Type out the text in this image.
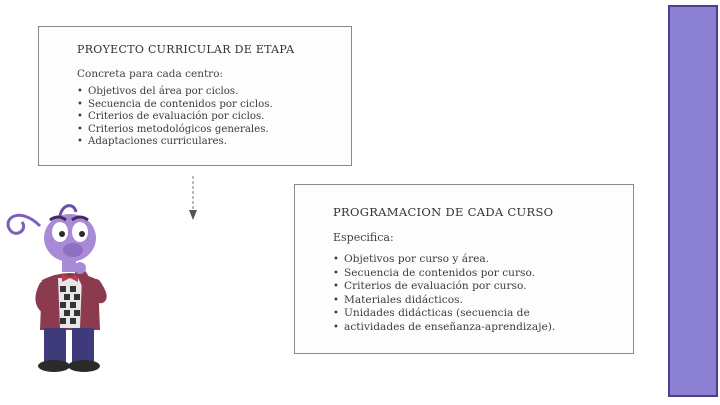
PROYECTO CURRICULAR DE ETAPA
Concreta para cada centro:
• Objetivos del área por ciclos.
• Secuencia de contenidos por ciclos.
• Criterios de evaluación por ciclos.
• Criterios metodológicos generales.
• Adaptaciones curriculares.
PROGRAMACION DE CADA CURSO
Especifica:
• Objetivos por curso y área.
• Secuencia de contenidos por curso.
• Criterios de evaluación por curso.
• Materiales didácticos.
• Unidades didácticas (secuencia de
• actividades de enseñanza-aprendizaje).
